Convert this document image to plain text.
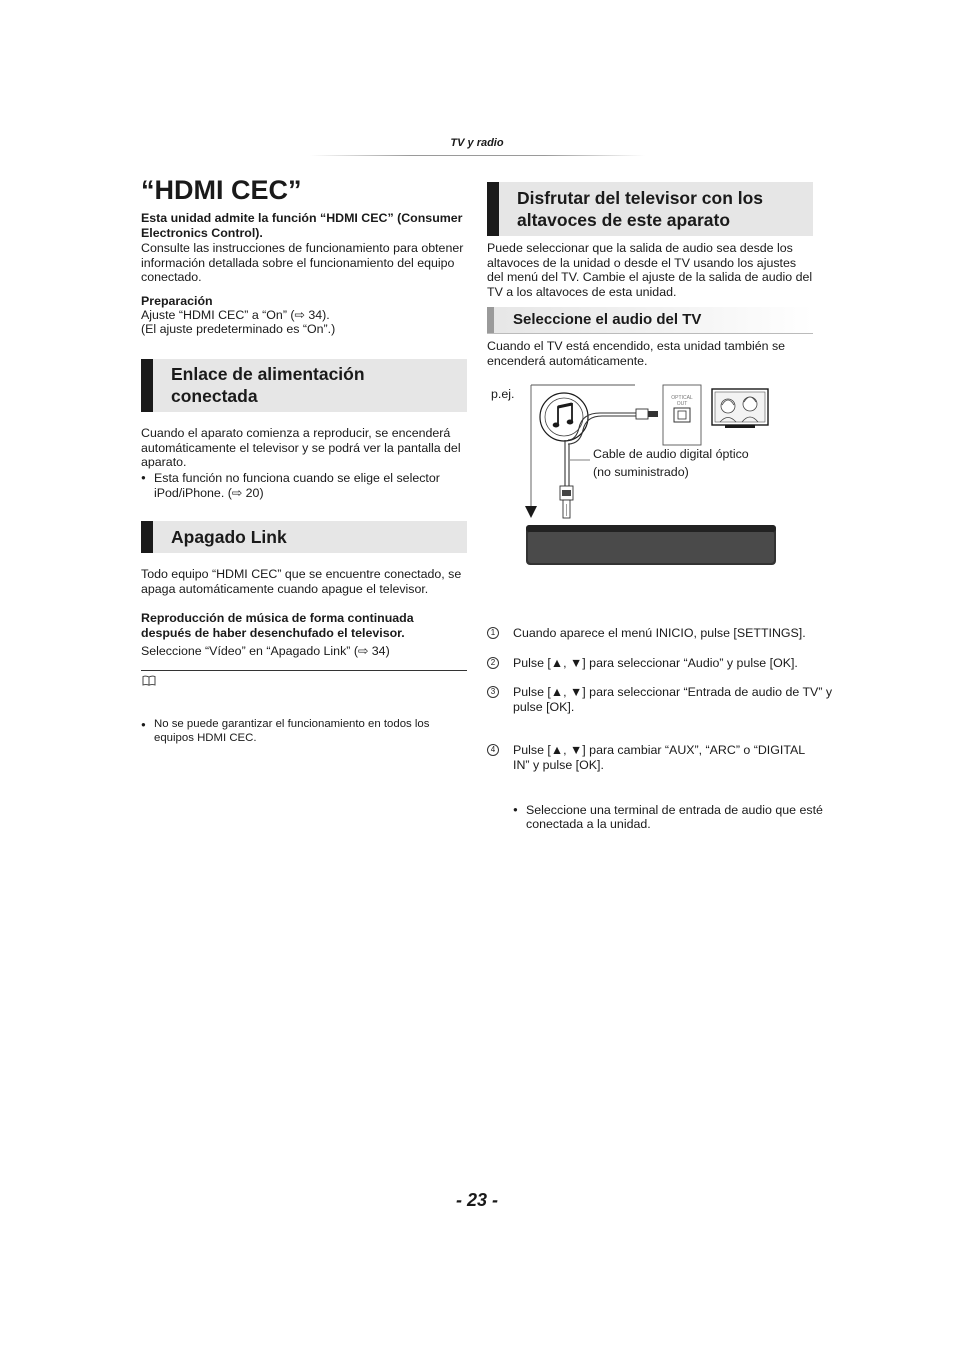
TV y radio
“HDMI CEC”
Esta unidad admite la función “HDMI CEC” (Consumer Electronics Control).
Consulte las instrucciones de funcionamiento para obtener información detallada sobre el funcionamiento del equipo conectado.
Preparación
Ajuste “HDMI CEC” a “On” (⇨ 34).
(El ajuste predeterminado es “On”.)
Enlace de alimentación
conectada
Cuando el aparato comienza a reproducir, se encenderá automáticamente el televisor y se podrá ver la pantalla del aparato.
● Esta función no funciona cuando se elige el selector iPod/iPhone. (⇨ 20)
Apagado Link
Todo equipo “HDMI CEC” que se encuentre conectado, se apaga automáticamente cuando apague el televisor.
Reproducción de música de forma continuada después de haber desenchufado el televisor.
Seleccione “Vídeo” en “Apagado Link” (⇨ 34)
● No se puede garantizar el funcionamiento en todos los equipos HDMI CEC.
Disfrutar del televisor con los
altavoces de este aparato
Puede seleccionar que la salida de audio sea desde los altavoces de la unidad o desde el TV usando los ajustes del menú del TV. Cambie el ajuste de la salida de audio del TV a los altavoces de esta unidad.
Seleccione el audio del TV
Cuando el TV está encendido, esta unidad también se encenderá automáticamente.
p.ej.	OPTICAL
OUT
Cable de audio digital óptico
(no suministrado)
1	Cuando aparece el menú INICIO, pulse [SETTINGS].
2	Pulse [▲, ▼] para seleccionar “Audio” y pulse [OK].
3	Pulse [▲, ▼] para seleccionar “Entrada de audio de TV” y pulse [OK].
4	Pulse [▲, ▼] para cambiar “AUX”, “ARC” o “DIGITAL IN” y pulse [OK].
● Seleccione una terminal de entrada de audio que esté conectada a la unidad.
- 23 -
